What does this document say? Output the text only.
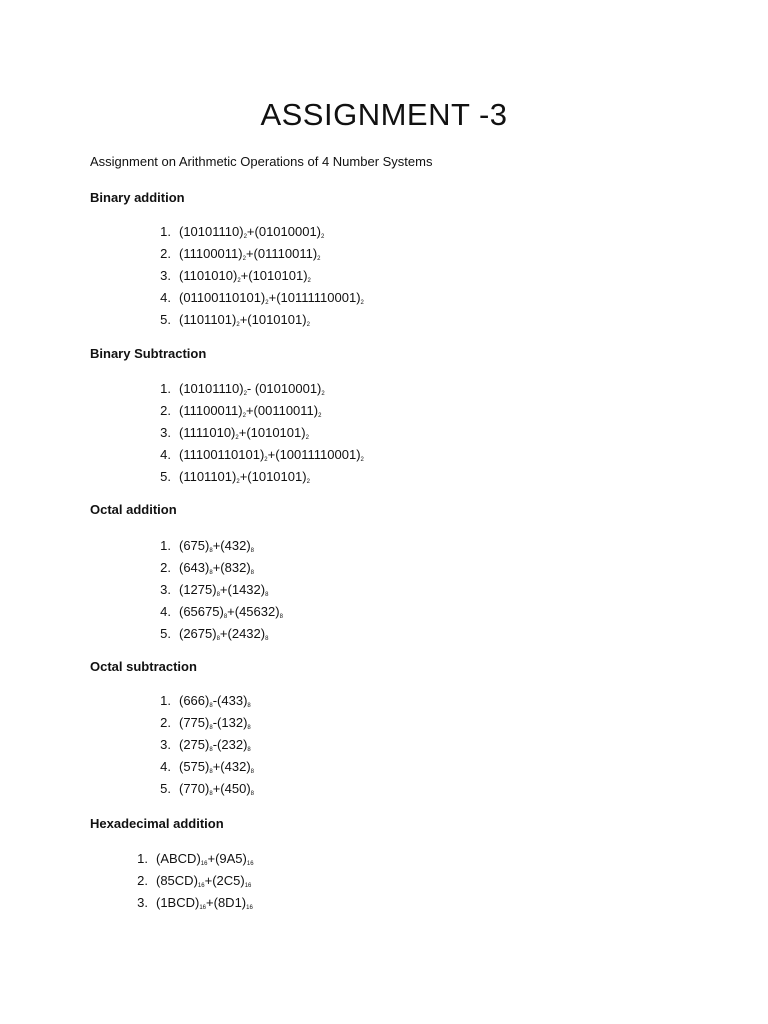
ASSIGNMENT -3
Assignment on Arithmetic Operations of 4 Number Systems
Binary addition
1. $(10101110)_2+(01010001)_2$
2. $(11100011)_2+(01110011)_2$
3. $(1101010)_2+(1010101)_2$
4. $(01100110101)_2+(10111110001)_2$
5. $(1101101)_2+(1010101)_2$
Binary Subtraction
1. $(10101110)_2-$ $(01010001)_2$
2. $(11100011)_2+(00110011)_2$
3. $(1111010)_2+(1010101)_2$
4. $(11100110101)_2+(10011110001)_2$
5. $(1101101)_2+(1010101)_2$
Octal addition
1. $(675)_8+(432)_8$
2. $(643)_8+(832)_8$
3. $(1275)_8+(1432)_8$
4. $(65675)_8+(45632)_8$
5. $(2675)_8+(2432)_8$
Octal subtraction
1. $(666)_8-(433)_8$
2. $(775)_8-(132)_8$
3. $(275)_8-(232)_8$
4. $(575)_8+(432)_8$
5. $(770)_8+(450)_8$
Hexadecimal addition
1. $(ABCD)_{16}+(9A5)_{16}$
2. $(85CD)_{16}+(2C5)_{16}$
3. $(1BCD)_{16}+(8D1)_{16}$
